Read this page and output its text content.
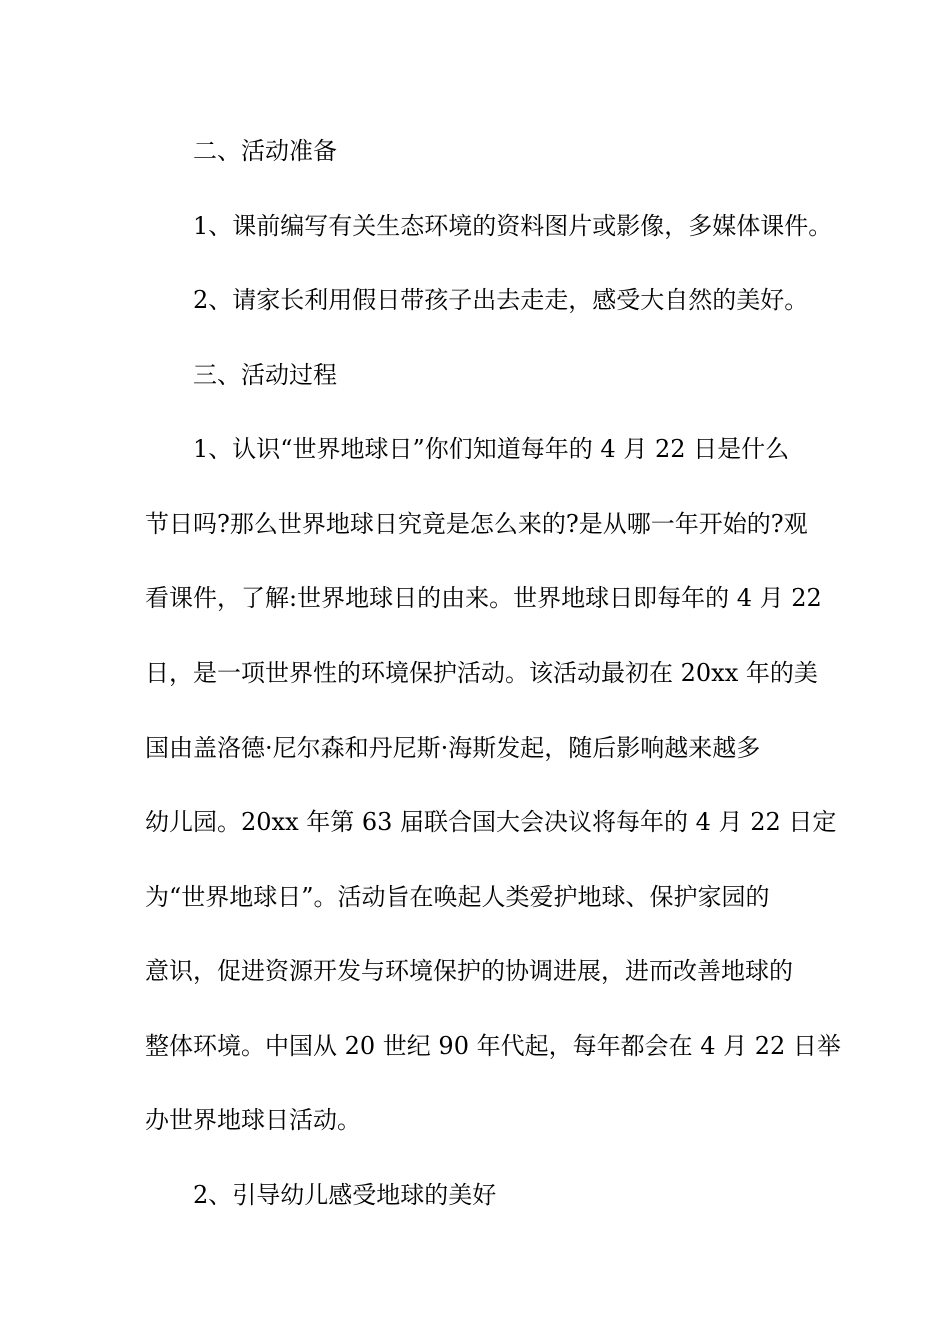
二、活动准备
1、课前编写有关生态环境的资料图片或影像，多媒体课件。
2、请家长利用假日带孩子出去走走，感受大自然的美好。
三、活动过程
1、认识“世界地球日”你们知道每年的 4 月 22 日是什么
节日吗?那么世界地球日究竟是怎么来的?是从哪一年开始的?观
看课件，了解:世界地球日的由来。世界地球日即每年的 4 月 22
日，是一项世界性的环境保护活动。该活动最初在 20xx 年的美
国由盖洛德·尼尔森和丹尼斯·海斯发起，随后影响越来越多
幼儿园。20xx 年第 63 届联合国大会决议将每年的 4 月 22 日定
为“世界地球日”。活动旨在唤起人类爱护地球、保护家园的
意识，促进资源开发与环境保护的协调进展，进而改善地球的
整体环境。中国从 20 世纪 90 年代起，每年都会在 4 月 22 日举
办世界地球日活动。
2、引导幼儿感受地球的美好
